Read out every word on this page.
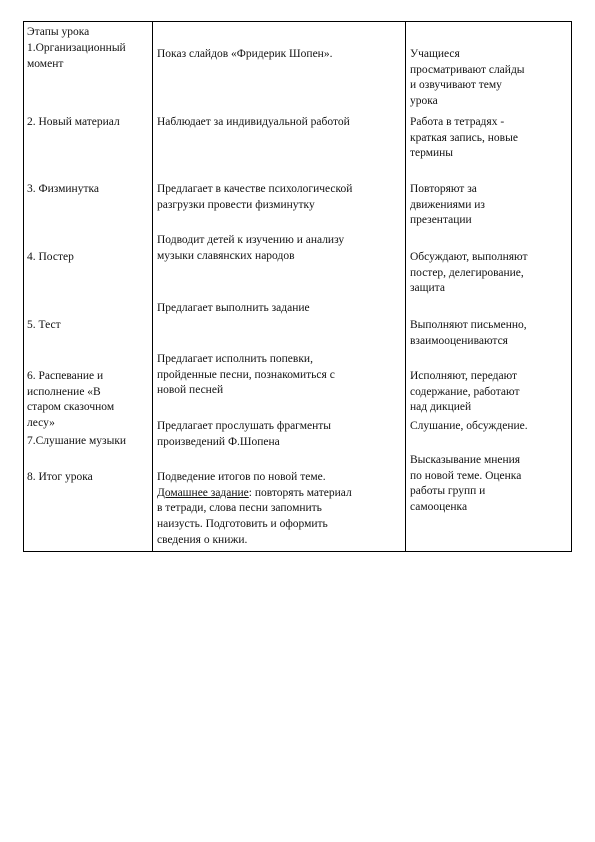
Этапы урока
1.Организационный
момент
2. Новый материал
3. Физминутка
4. Постер
5. Тест
6. Распевание и
исполнение «В
старом сказочном
лесу»
7.Слушание музыки
8. Итог урока
Показ слайдов «Фридерик Шопен».
Наблюдает за индивидуальной работой
Предлагает в качестве психологической
разгрузки провести физминутку
Подводит детей к изучению и анализу
музыки славянских народов
Предлагает выполнить задание
Предлагает исполнить попевки,
пройденные песни, познакомиться с
новой песней
Предлагает прослушать фрагменты
произведений Ф.Шопена
Подведение итогов по новой теме.
Домашнее задание: повторять материал
в тетради, слова песни запомнить
наизусть. Подготовить и оформить
сведения о книжи.
Учащиеся
просматривают слайды
и озвучивают тему
урока
Работа в тетрадях -
краткая запись, новые
термины
Повторяют за
движениями из
презентации
Обсуждают, выполняют
постер, делегирование,
защита
Выполняют письменно,
взаимооцениваются
Исполняют, передают
содержание, работают
над дикцией
Слушание, обсуждение.
Высказывание мнения
по новой теме. Оценка
работы групп и
самооценка
